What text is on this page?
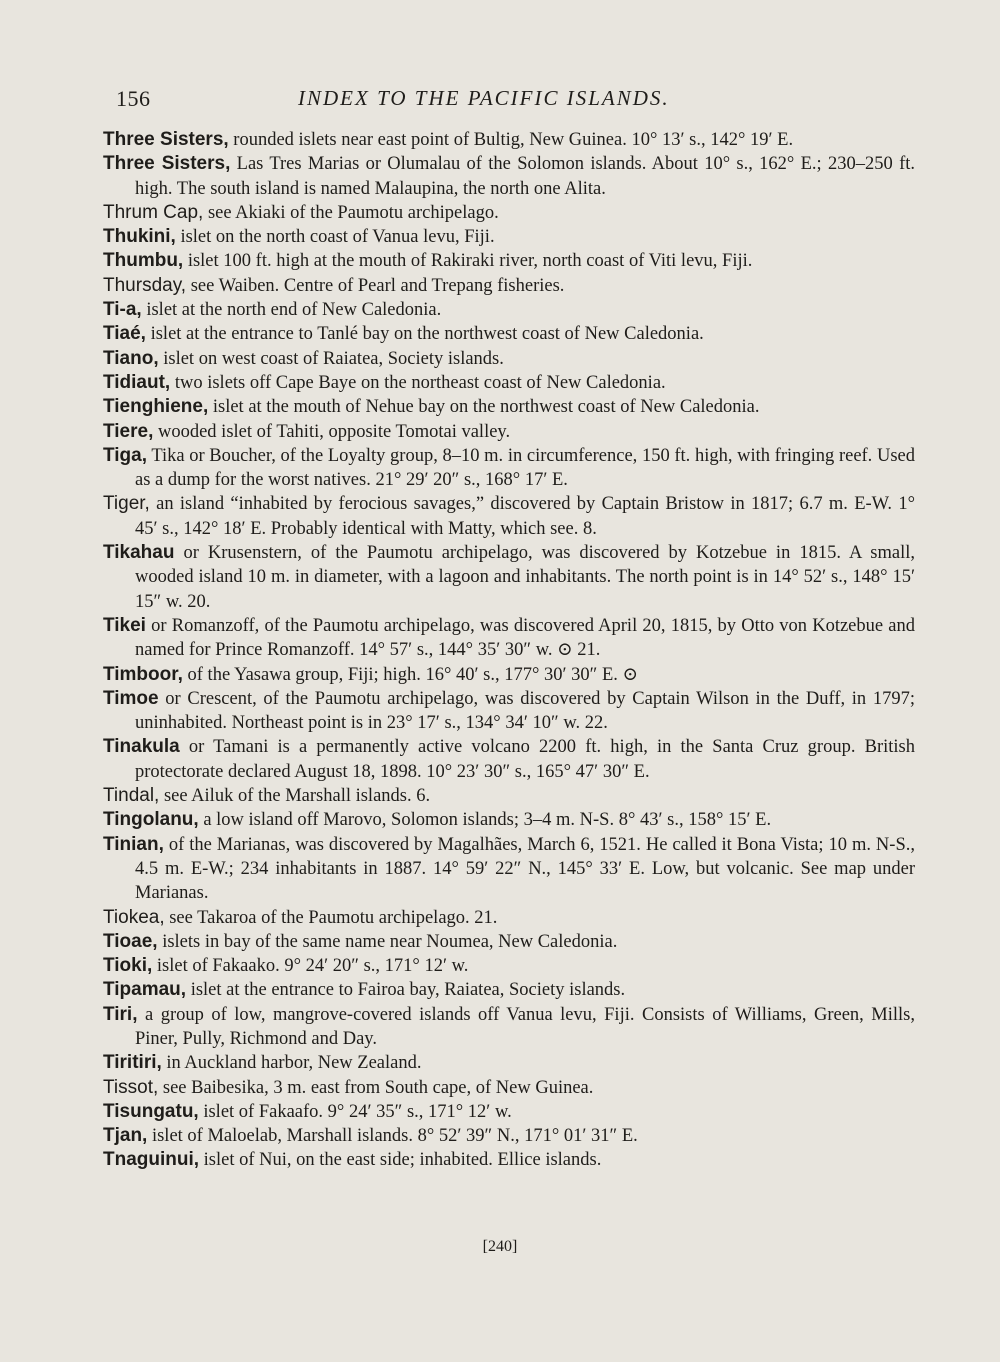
156	INDEX TO THE PACIFIC ISLANDS.

Three Sisters, rounded islets near east point of Bultig, New Guinea. 10° 13′ s., 142° 19′ E.

Three Sisters, Las Tres Marias or Olumalau of the Solomon islands. About 10° s., 162° E.; 230–250 ft. high. The south island is named Malaupina, the north one Alita.

Thrum Cap, see Akiaki of the Paumotu archipelago.

Thukini, islet on the north coast of Vanua levu, Fiji.

Thumbu, islet 100 ft. high at the mouth of Rakiraki river, north coast of Viti levu, Fiji.

Thursday, see Waiben. Centre of Pearl and Trepang fisheries.

Ti-a, islet at the north end of New Caledonia.

Tiaé, islet at the entrance to Tanlé bay on the northwest coast of New Caledonia.

Tiano, islet on west coast of Raiatea, Society islands.

Tidiaut, two islets off Cape Baye on the northeast coast of New Caledonia.

Tienghiene, islet at the mouth of Nehue bay on the northwest coast of New Caledonia.

Tiere, wooded islet of Tahiti, opposite Tomotai valley.

Tiga, Tika or Boucher, of the Loyalty group, 8–10 m. in circumference, 150 ft. high, with fringing reef. Used as a dump for the worst natives. 21° 29′ 20″ s., 168° 17′ E.

Tiger, an island “inhabited by ferocious savages,” discovered by Captain Bristow in 1817; 6.7 m. E-W. 1° 45′ s., 142° 18′ E. Probably identical with Matty, which see. 8.

Tikahau or Krusenstern, of the Paumotu archipelago, was discovered by Kotzebue in 1815. A small, wooded island 10 m. in diameter, with a lagoon and inhabitants. The north point is in 14° 52′ s., 148° 15′ 15″ w. 20.

Tikei or Romanzoff, of the Paumotu archipelago, was discovered April 20, 1815, by Otto von Kotzebue and named for Prince Romanzoff. 14° 57′ s., 144° 35′ 30″ w. ⊙ 21.

Timboor, of the Yasawa group, Fiji; high. 16° 40′ s., 177° 30′ 30″ E. ⊙

Timoe or Crescent, of the Paumotu archipelago, was discovered by Captain Wilson in the Duff, in 1797; uninhabited. Northeast point is in 23° 17′ s., 134° 34′ 10″ w. 22.

Tinakula or Tamani is a permanently active volcano 2200 ft. high, in the Santa Cruz group. British protectorate declared August 18, 1898. 10° 23′ 30″ s., 165° 47′ 30″ E.

Tindal, see Ailuk of the Marshall islands. 6.

Tingolanu, a low island off Marovo, Solomon islands; 3–4 m. N-S. 8° 43′ s., 158° 15′ E.

Tinian, of the Marianas, was discovered by Magalhães, March 6, 1521. He called it Bona Vista; 10 m. N-S., 4.5 m. E-W.; 234 inhabitants in 1887. 14° 59′ 22″ N., 145° 33′ E. Low, but volcanic. See map under Marianas.

Tiokea, see Takaroa of the Paumotu archipelago. 21.

Tioae, islets in bay of the same name near Noumea, New Caledonia.

Tioki, islet of Fakaako. 9° 24′ 20″ s., 171° 12′ w.

Tipamau, islet at the entrance to Fairoa bay, Raiatea, Society islands.

Tiri, a group of low, mangrove-covered islands off Vanua levu, Fiji. Consists of Williams, Green, Mills, Piner, Pully, Richmond and Day.

Tiritiri, in Auckland harbor, New Zealand.

Tissot, see Baibesika, 3 m. east from South cape, of New Guinea.

Tisungatu, islet of Fakaafo. 9° 24′ 35″ s., 171° 12′ w.

Tjan, islet of Maloelab, Marshall islands. 8° 52′ 39″ N., 171° 01′ 31″ E.

Tnaguinui, islet of Nui, on the east side; inhabited. Ellice islands.

[240]
